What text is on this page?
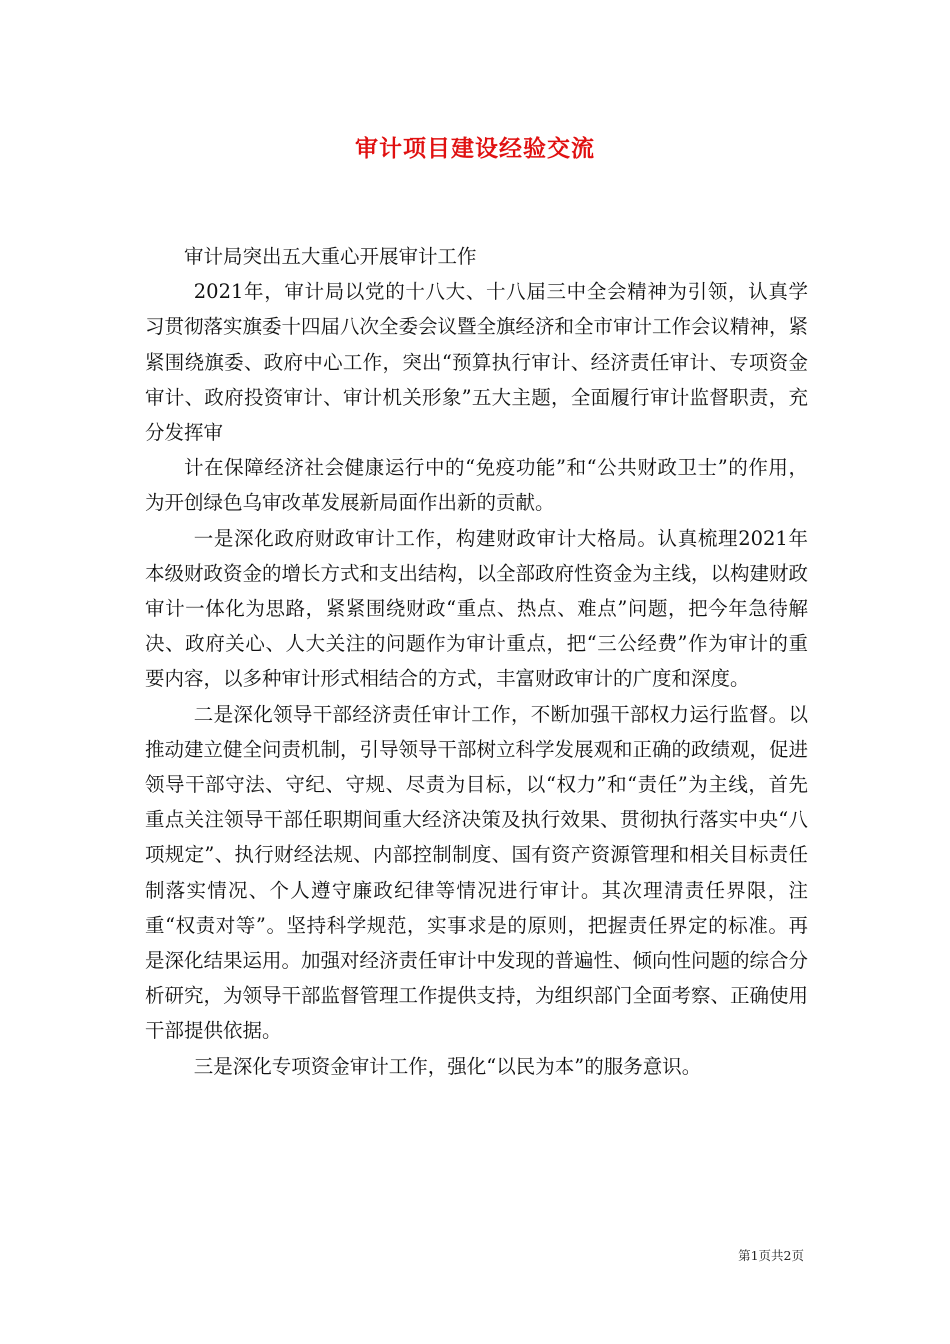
审计项目建设经验交流

审计局突出五大重心开展审计工作

2021年，审计局以党的十八大、十八届三中全会精神为引领，认真学习贯彻落实旗委十四届八次全委会议暨全旗经济和全市审计工作会议精神，紧紧围绕旗委、政府中心工作，突出“预算执行审计、经济责任审计、专项资金审计、政府投资审计、审计机关形象”五大主题，全面履行审计监督职责，充分发挥审

计在保障经济社会健康运行中的“免疫功能”和“公共财政卫士”的作用，为开创绿色乌审改革发展新局面作出新的贡献。

一是深化政府财政审计工作，构建财政审计大格局。认真梳理2021年本级财政资金的增长方式和支出结构，以全部政府性资金为主线，以构建财政审计一体化为思路，紧紧围绕财政“重点、热点、难点”问题，把今年急待解决、政府关心、人大关注的问题作为审计重点，把“三公经费”作为审计的重要内容，以多种审计形式相结合的方式，丰富财政审计的广度和深度。

二是深化领导干部经济责任审计工作，不断加强干部权力运行监督。以推动建立健全问责机制，引导领导干部树立科学发展观和正确的政绩观，促进领导干部守法、守纪、守规、尽责为目标，以“权力”和“责任”为主线，首先重点关注领导干部任职期间重大经济决策及执行效果、贯彻执行落实中央“八项规定”、执行财经法规、内部控制制度、国有资产资源管理和相关目标责任制落实情况、个人遵守廉政纪律等情况进行审计。其次理清责任界限，注重“权责对等”。坚持科学规范，实事求是的原则，把握责任界定的标准。再是深化结果运用。加强对经济责任审计中发现的普遍性、倾向性问题的综合分析研究，为领导干部监督管理工作提供支持，为组织部门全面考察、正确使用干部提供依据。

三是深化专项资金审计工作，强化“以民为本”的服务意识。

第1页共2页
